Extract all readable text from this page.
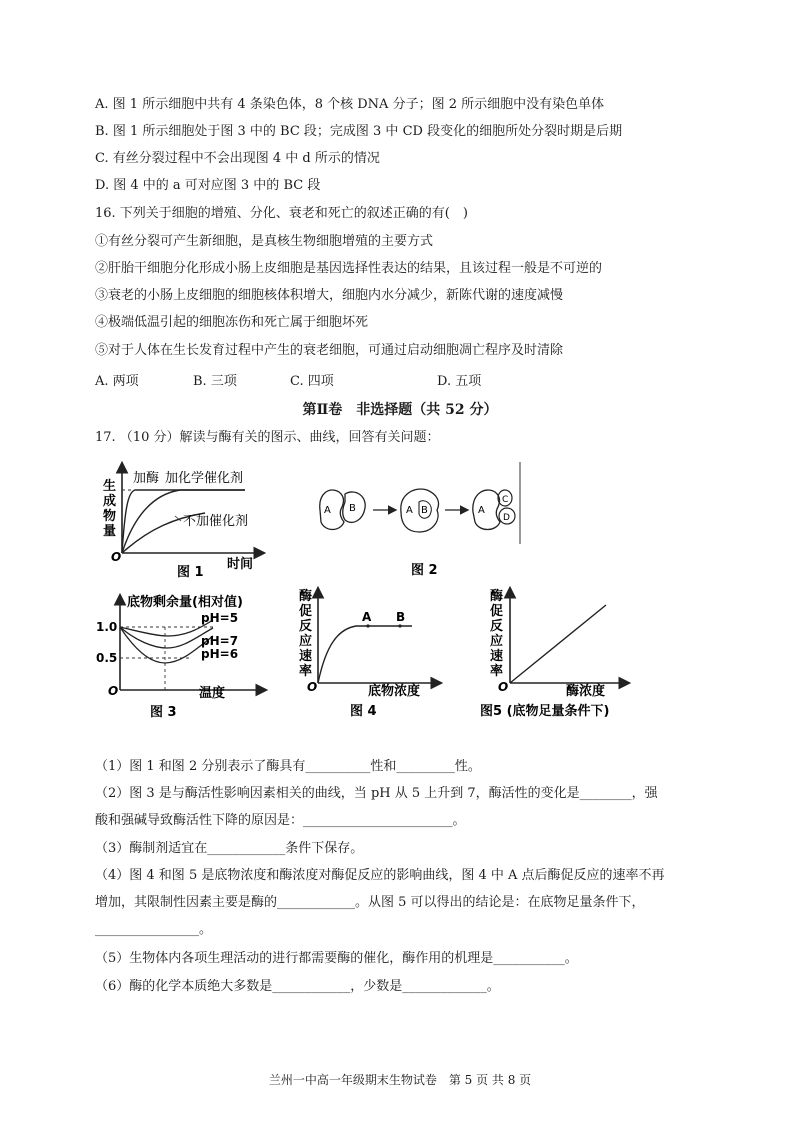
A. 图 1 所示细胞中共有 4 条染色体，8 个核 DNA 分子；图 2 所示细胞中没有染色单体
B. 图 1 所示细胞处于图 3 中的 BC 段；完成图 3 中 CD 段变化的细胞所处分裂时期是后期
C. 有丝分裂过程中不会出现图 4 中 d 所示的情况
D. 图 4 中的 a 可对应图 3 中的 BC 段
16. 下列关于细胞的增殖、分化、衰老和死亡的叙述正确的有(　)
①有丝分裂可产生新细胞，是真核生物细胞增殖的主要方式
②肝胎干细胞分化形成小肠上皮细胞是基因选择性表达的结果，且该过程一般是不可逆的
③衰老的小肠上皮细胞的细胞核体积增大，细胞内水分减少，新陈代谢的速度减慢
④极端低温引起的细胞冻伤和死亡属于细胞坏死
⑤对于人体在生长发育过程中产生的衰老细胞，可通过启动细胞凋亡程序及时清除
A. 两项	B. 三项	C. 四项	D. 五项
第Ⅱ卷　非选择题（共 52 分）
17. （10 分）解读与酶有关的图示、曲线，回答有关问题：
加酶 加化学催化剂
不加催化剂
生
成
物
量
O	时间
图 1
A B	A B	A
C
D
图 2
底物剩余量(相对值)
1.0
0.5
pH=5
pH=7
pH=6
O	温度
图 3
酶
促
反
应
速
率
A B
O	底物浓度
图 4
酶
促
反
应
速
率
O	酶浓度
图5 (底物足量条件下)
（1）图 1 和图 2 分别表示了酶具有__________性和_________性。
（2）图 3 是与酶活性影响因素相关的曲线，当 pH 从 5 上升到 7，酶活性的变化是________，强
酸和强碱导致酶活性下降的原因是：_______________________。
（3）酶制剂适宜在____________条件下保存。
（4）图 4 和图 5 是底物浓度和酶浓度对酶促反应的影响曲线，图 4 中 A 点后酶促反应的速率不再
增加，其限制性因素主要是酶的____________。从图 5 可以得出的结论是：在底物足量条件下，
________________。
（5）生物体内各项生理活动的进行都需要酶的催化，酶作用的机理是___________。
（6）酶的化学本质绝大多数是____________，少数是_____________。
兰州一中高一年级期末生物试卷　第 5 页 共 8 页
